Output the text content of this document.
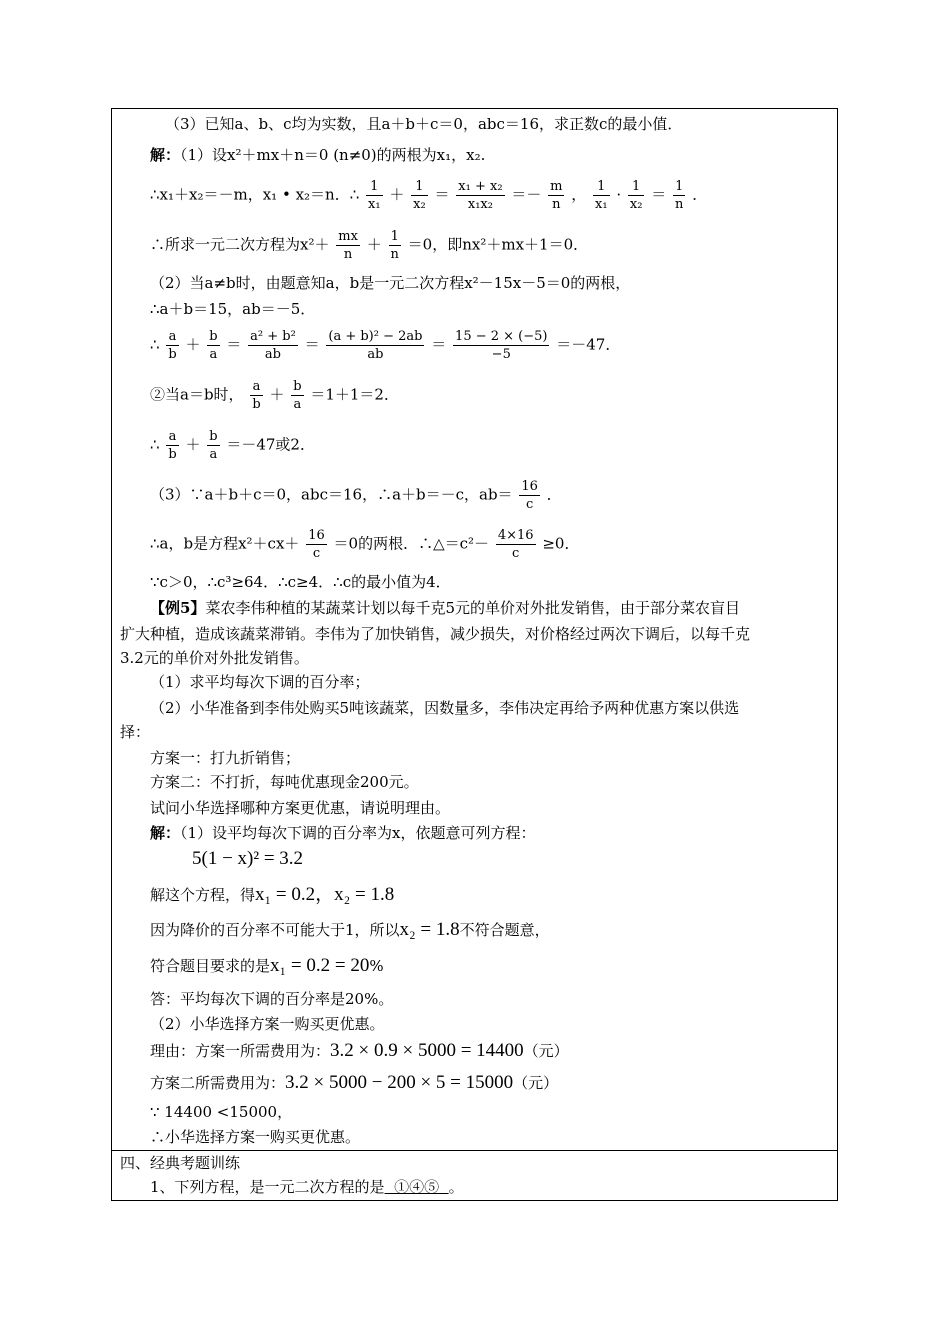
（3）已知a、b、c均为实数，且a＋b＋c＝0，abc＝16，求正数c的最小值．
解：（1）设x²＋mx＋n＝0 (n≠0)的两根为x₁，x₂.
∴x₁＋x₂＝－m，x₁ • x₂＝n．∴ $\frac{1}{\text{x₁}} + \frac{1}{\text{x₂}} = \frac{\text{x₁ + x₂}}{\text{x₁x₂}} =- \frac{m}{n}$ ， $\frac{1}{\text{x₁}} \cdot \frac{1}{\text{x₂}} = \frac{1}{n}$ ．
∴所求一元二次方程为$x^2+ \frac{mx}{n} + \frac{1}{n} =0$，即nx²＋mx＋1＝0．
（2）当a≠b时，由题意知a，b是一元二次方程x²－15x－5＝0的两根，
∴a＋b＝15，ab＝－5．
∴ $\frac{a}{b} + \frac{b}{a} = \frac{\text{a² + b²}}{ab} = \frac{\text{(a + b)² − 2ab}}{ab} = \frac{15 - 2 \times (-5)}{-5} =-47$．
②当a＝b时， $\frac{a}{b} + \frac{b}{a} =1+1=2$．
∴ $\frac{a}{b} + \frac{b}{a} =-47$或2．
（3）∵a＋b＋c＝0，abc＝16，∴a＋b＝－c，$ab= \frac{16}{c}$ ．
∴a，b是方程$x^2+cx+ \frac{16}{c} =0$的两根．∴△＝c²－ $\frac{4\times 16}{c} \ge 0$．
∵c＞0，∴c³≥64．∴c≥4．∴c的最小值为4．
【例5】菜农李伟种植的某蔬菜计划以每千克5元的单价对外批发销售，由于部分菜农盲目
扩大种植，造成该蔬菜滞销。李伟为了加快销售，减少损失，对价格经过两次下调后，以每千克
3.2元的单价对外批发销售。
（1）求平均每次下调的百分率；
（2）小华准备到李伟处购买5吨该蔬菜，因数量多，李伟决定再给予两种优惠方案以供选
择：
方案一：打九折销售；
方案二：不打折，每吨优惠现金200元。
试问小华选择哪种方案更优惠，请说明理由。
解：（1）设平均每次下调的百分率为x，依题意可列方程：
5(1 − x)² = 3.2
解这个方程，得x₁ = 0.2，x₂ = 1.8
因为降价的百分率不可能大于1，所以x₂ = 1.8不符合题意，
符合题目要求的是x₁ = 0.2 = 20%
答：平均每次下调的百分率是20%。
（2）小华选择方案一购买更优惠。
理由：方案一所需费用为：3.2 × 0.9 × 5000 = 14400（元）
方案二所需费用为：3.2 × 5000 − 200 × 5 = 15000（元）
∵ 14400 <15000，
∴小华选择方案一购买更优惠。
四、经典考题训练
1、下列方程，是一元二次方程的是  ①④⑤  。
